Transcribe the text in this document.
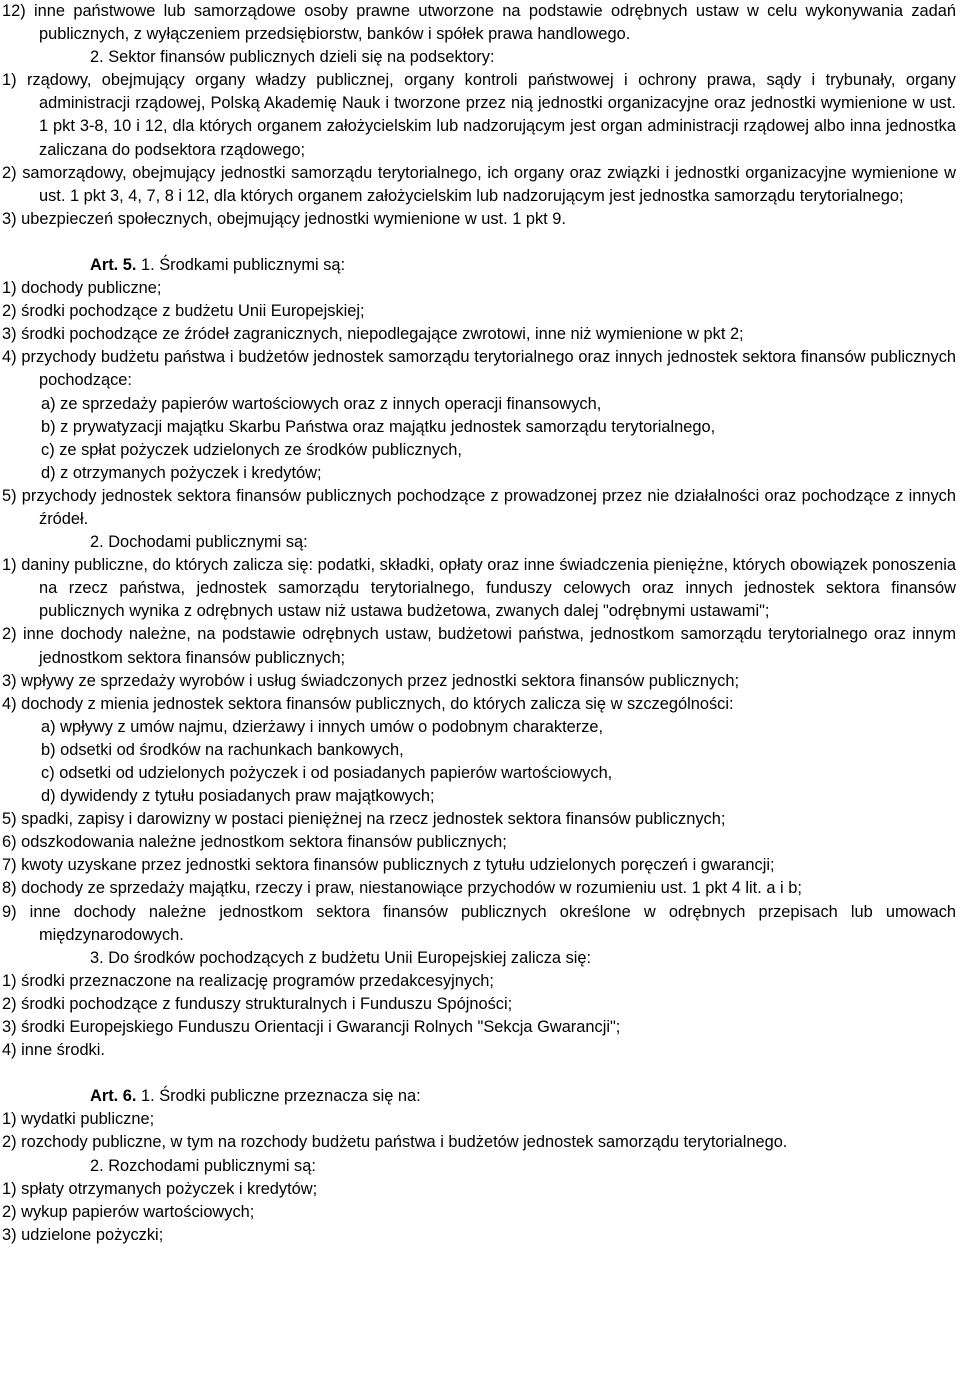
12) inne państwowe lub samorządowe osoby prawne utworzone na podstawie odrębnych ustaw w celu wykonywania zadań publicznych, z wyłączeniem przedsiębiorstw, banków i spółek prawa handlowego.

2. Sektor finansów publicznych dzieli się na podsektory:

1) rządowy, obejmujący organy władzy publicznej, organy kontroli państwowej i ochrony prawa, sądy i trybunały, organy administracji rządowej, Polską Akademię Nauk i tworzone przez nią jednostki organizacyjne oraz jednostki wymienione w ust. 1 pkt 3-8, 10 i 12, dla których organem założycielskim lub nadzorującym jest organ administracji rządowej albo inna jednostka zaliczana do podsektora rządowego;

2) samorządowy, obejmujący jednostki samorządu terytorialnego, ich organy oraz związki i jednostki organizacyjne wymienione w ust. 1 pkt 3, 4, 7, 8 i 12, dla których organem założycielskim lub nadzorującym jest jednostka samorządu terytorialnego;

3) ubezpieczeń społecznych, obejmujący jednostki wymienione w ust. 1 pkt 9.

Art. 5. 1. Środkami publicznymi są:

1) dochody publiczne;

2) środki pochodzące z budżetu Unii Europejskiej;

3) środki pochodzące ze źródeł zagranicznych, niepodlegające zwrotowi, inne niż wymienione w pkt 2;

4) przychody budżetu państwa i budżetów jednostek samorządu terytorialnego oraz innych jednostek sektora finansów publicznych pochodzące:

a) ze sprzedaży papierów wartościowych oraz z innych operacji finansowych,

b) z prywatyzacji majątku Skarbu Państwa oraz majątku jednostek samorządu terytorialnego,

c) ze spłat pożyczek udzielonych ze środków publicznych,

d) z otrzymanych pożyczek i kredytów;

5) przychody jednostek sektora finansów publicznych pochodzące z prowadzonej przez nie działalności oraz pochodzące z innych źródeł.

2. Dochodami publicznymi są:

1) daniny publiczne, do których zalicza się: podatki, składki, opłaty oraz inne świadczenia pieniężne, których obowiązek ponoszenia na rzecz państwa, jednostek samorządu terytorialnego, funduszy celowych oraz innych jednostek sektora finansów publicznych wynika z odrębnych ustaw niż ustawa budżetowa, zwanych dalej "odrębnymi ustawami";

2) inne dochody należne, na podstawie odrębnych ustaw, budżetowi państwa, jednostkom samorządu terytorialnego oraz innym jednostkom sektora finansów publicznych;

3) wpływy ze sprzedaży wyrobów i usług świadczonych przez jednostki sektora finansów publicznych;

4) dochody z mienia jednostek sektora finansów publicznych, do których zalicza się w szczególności:

a) wpływy z umów najmu, dzierżawy i innych umów o podobnym charakterze,

b) odsetki od środków na rachunkach bankowych,

c) odsetki od udzielonych pożyczek i od posiadanych papierów wartościowych,

d) dywidendy z tytułu posiadanych praw majątkowych;

5) spadki, zapisy i darowizny w postaci pieniężnej na rzecz jednostek sektora finansów publicznych;

6) odszkodowania należne jednostkom sektora finansów publicznych;

7) kwoty uzyskane przez jednostki sektora finansów publicznych z tytułu udzielonych poręczeń i gwarancji;

8) dochody ze sprzedaży majątku, rzeczy i praw, niestanowiące przychodów w rozumieniu ust. 1 pkt 4 lit. a i b;

9) inne dochody należne jednostkom sektora finansów publicznych określone w odrębnych przepisach lub umowach międzynarodowych.

3. Do środków pochodzących z budżetu Unii Europejskiej zalicza się:

1) środki przeznaczone na realizację programów przedakcesyjnych;

2) środki pochodzące z funduszy strukturalnych i Funduszu Spójności;

3) środki Europejskiego Funduszu Orientacji i Gwarancji Rolnych "Sekcja Gwarancji";

4) inne środki.

Art. 6. 1. Środki publiczne przeznacza się na:

1) wydatki publiczne;

2) rozchody publiczne, w tym na rozchody budżetu państwa i budżetów jednostek samorządu terytorialnego.

2. Rozchodami publicznymi są:

1) spłaty otrzymanych pożyczek i kredytów;

2) wykup papierów wartościowych;

3) udzielone pożyczki;
